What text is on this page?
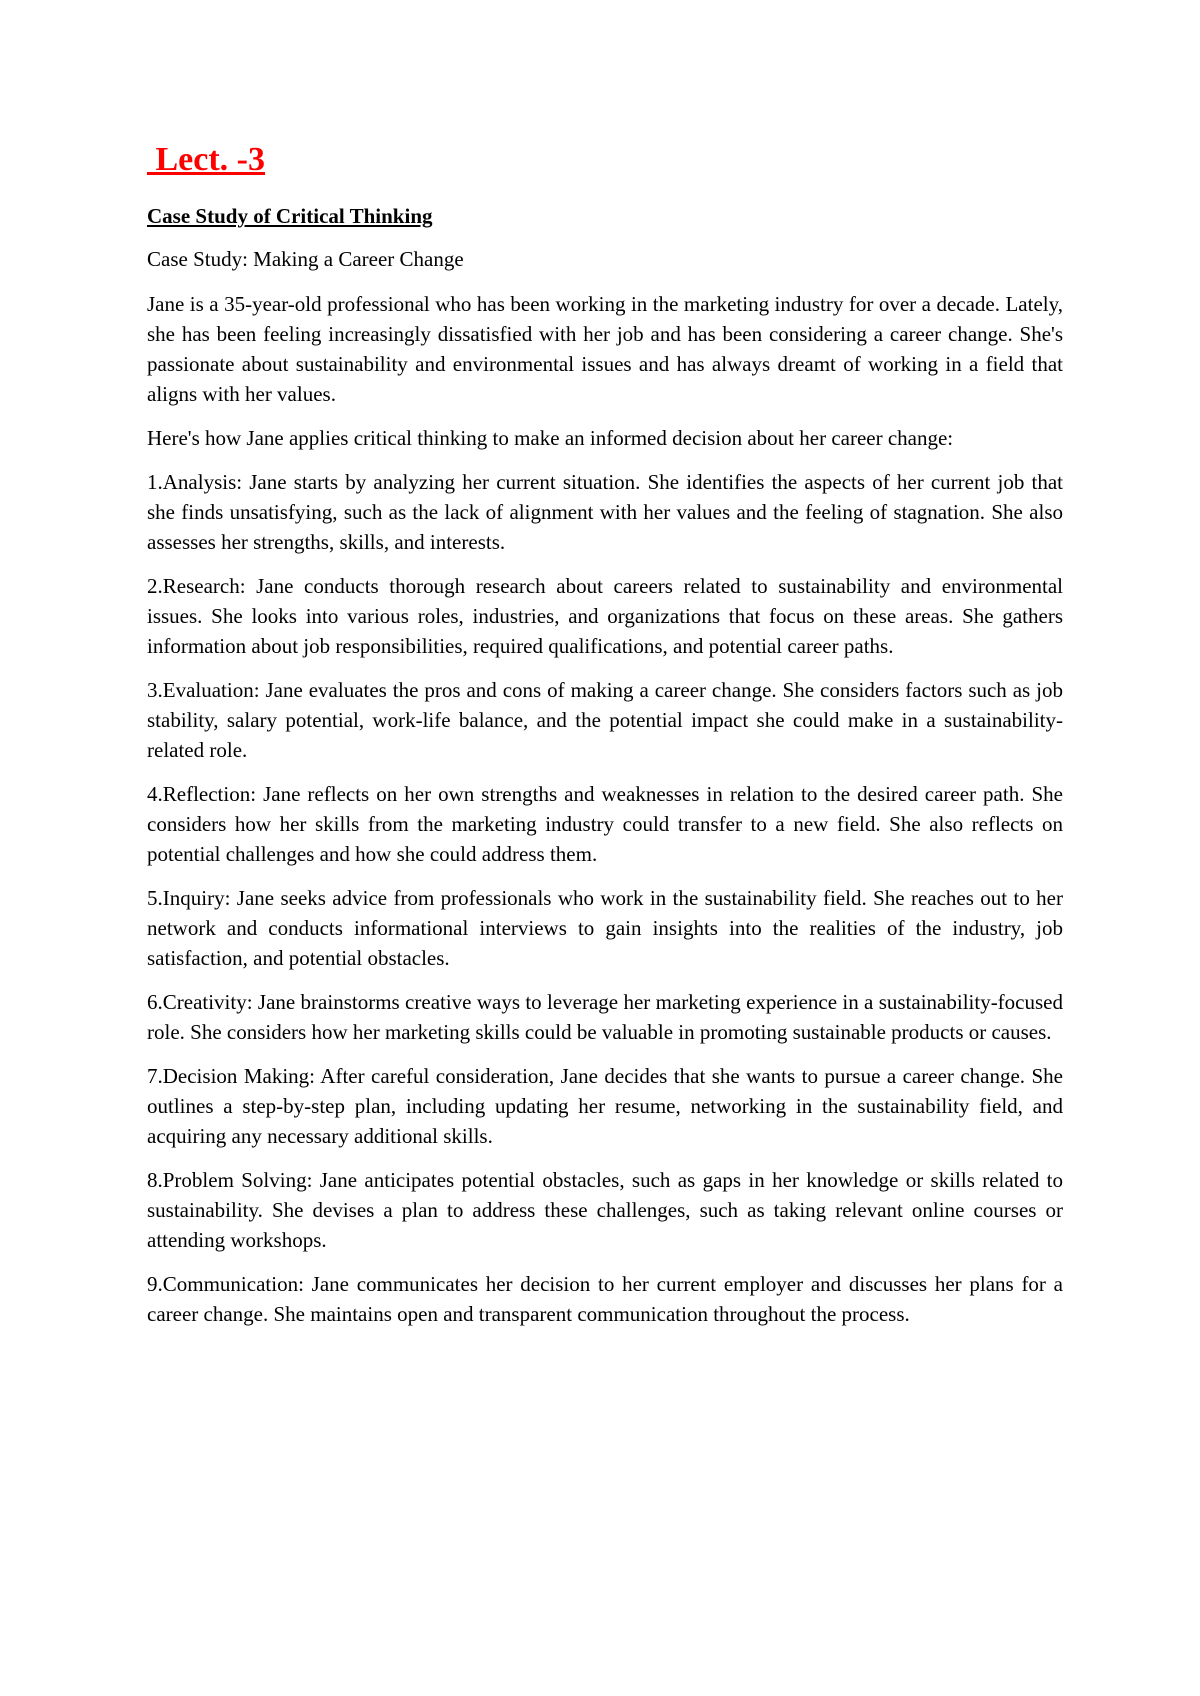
Lect. -3
Case Study of Critical Thinking
Case Study: Making a Career Change

Jane is a 35-year-old professional who has been working in the marketing industry for over a decade. Lately, she has been feeling increasingly dissatisfied with her job and has been considering a career change. She's passionate about sustainability and environmental issues and has always dreamt of working in a field that aligns with her values.

Here's how Jane applies critical thinking to make an informed decision about her career change:

1.Analysis: Jane starts by analyzing her current situation. She identifies the aspects of her current job that she finds unsatisfying, such as the lack of alignment with her values and the feeling of stagnation. She also assesses her strengths, skills, and interests.

2.Research: Jane conducts thorough research about careers related to sustainability and environmental issues. She looks into various roles, industries, and organizations that focus on these areas. She gathers information about job responsibilities, required qualifications, and potential career paths.

3.Evaluation: Jane evaluates the pros and cons of making a career change. She considers factors such as job stability, salary potential, work-life balance, and the potential impact she could make in a sustainability-related role.

4.Reflection: Jane reflects on her own strengths and weaknesses in relation to the desired career path. She considers how her skills from the marketing industry could transfer to a new field. She also reflects on potential challenges and how she could address them.

5.Inquiry: Jane seeks advice from professionals who work in the sustainability field. She reaches out to her network and conducts informational interviews to gain insights into the realities of the industry, job satisfaction, and potential obstacles.

6.Creativity: Jane brainstorms creative ways to leverage her marketing experience in a sustainability-focused role. She considers how her marketing skills could be valuable in promoting sustainable products or causes.

7.Decision Making: After careful consideration, Jane decides that she wants to pursue a career change. She outlines a step-by-step plan, including updating her resume, networking in the sustainability field, and acquiring any necessary additional skills.

8.Problem Solving: Jane anticipates potential obstacles, such as gaps in her knowledge or skills related to sustainability. She devises a plan to address these challenges, such as taking relevant online courses or attending workshops.

9.Communication: Jane communicates her decision to her current employer and discusses her plans for a career change. She maintains open and transparent communication throughout the process.
